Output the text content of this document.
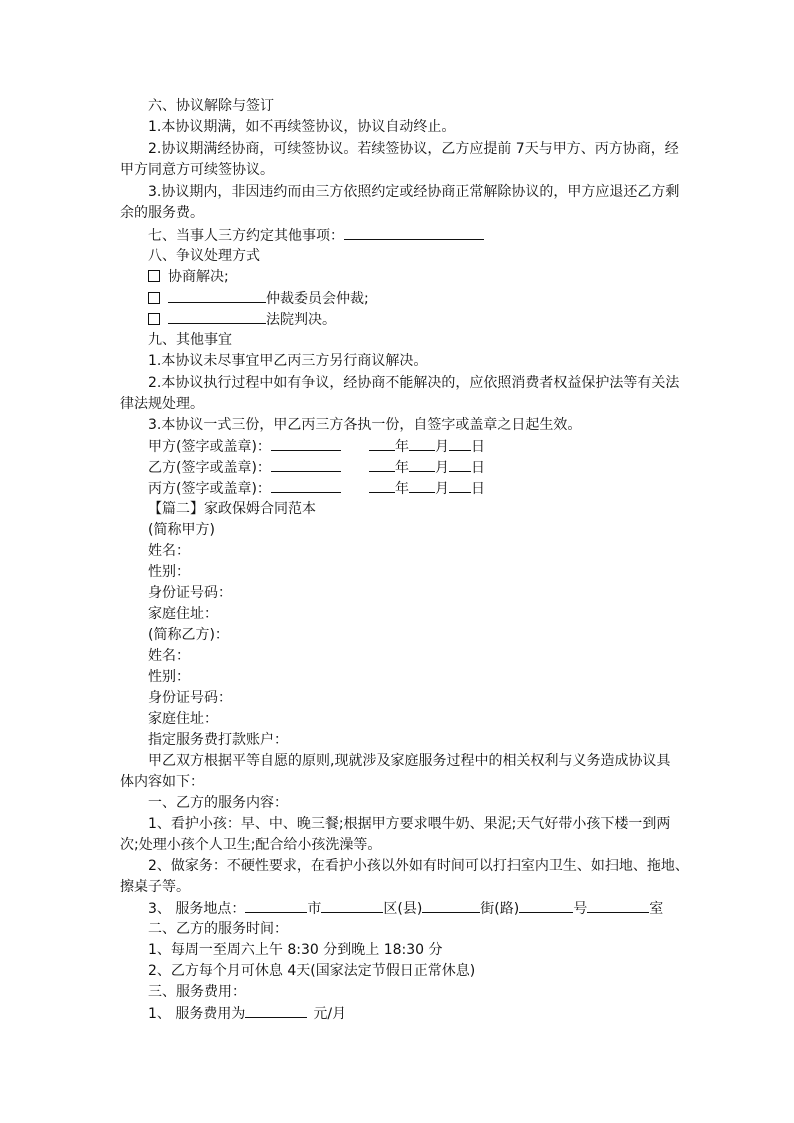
六、协议解除与签订
1.本协议期满，如不再续签协议，协议自动终止。
2.协议期满经协商，可续签协议。若续签协议，乙方应提前 7天与甲方、丙方协商，经
甲方同意方可续签协议。
3.协议期内，非因违约而由三方依照约定或经协商正常解除协议的，甲方应退还乙方剩
余的服务费。
七、当事人三方约定其他事项：
八、争议处理方式
协商解决;
仲裁委员会仲裁;
法院判决。
九、其他事宜
1.本协议未尽事宜甲乙丙三方另行商议解决。
2.本协议执行过程中如有争议，经协商不能解决的，应依照消费者权益保护法等有关法
律法规处理。
3.本协议一式三份，甲乙丙三方各执一份，自签字或盖章之日起生效。
甲方(签字或盖章)：	年 月 日
乙方(签字或盖章)：	年 月 日
丙方(签字或盖章)：	年 月 日
【篇二】家政保姆合同范本
(简称甲方)
姓名：
性别：
身份证号码：
家庭住址：
(简称乙方)：
姓名：
性别：
身份证号码：
家庭住址：
指定服务费打款账户：
甲乙双方根据平等自愿的原则,现就涉及家庭服务过程中的相关权利与义务造成协议具
体内容如下：
一、乙方的服务内容：
1、看护小孩：早、中、晚三餐;根据甲方要求喂牛奶、果泥;天气好带小孩下楼一到两
次;处理小孩个人卫生;配合给小孩洗澡等。
2、做家务：不硬性要求，在看护小孩以外如有时间可以打扫室内卫生、如扫地、拖地、
擦桌子等。
3、 服务地点：	市	区(县)	街(路)	号	室
二、乙方的服务时间：
1、每周一至周六上午 8:30 分到晚上 18:30 分
2、乙方每个月可休息 4天(国家法定节假日正常休息)
三、服务费用：
1、 服务费用为	元/月
